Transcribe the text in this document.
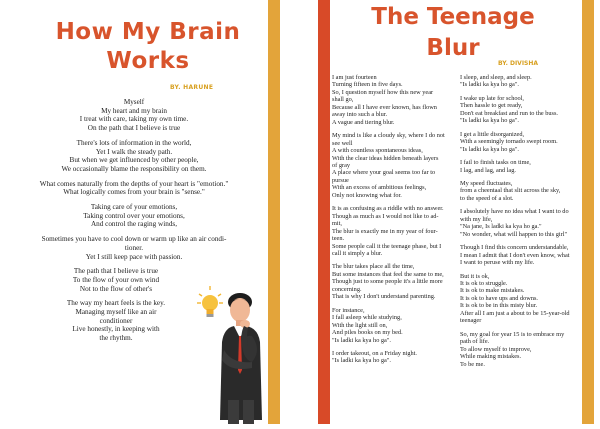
How My Brain
Works
BY. HARUNE
Myself
My heart and my brain
I treat with care, taking my own time.
On the path that I believe is true
There's lots of information in the world,
Yet I walk the steady path.
But when we get influenced by other people,
We occasionally blame the responsibility on them.
What comes naturally from the depths of your heart is "emotion."
What logically comes from your brain is "sense."
Taking care of your emotions,
Taking control over your emotions,
And control the raging winds,
Sometimes you have to cool down or warm up like an air condi-
tioner.
Yet I still keep pace with passion.
The path that I believe is true
To the flow of your own wind
Not to the flow of other's
The way my heart feels is the key.
Managing myself like an air
conditioner
Live honestly, in keeping with
the rhythm.
The Teenage
Blur
BY. DIVISHA
I am just fourteen
Turning fifteen in five days.
So, I question myself how this new year
shall go,
Because all I have ever known, has flown
away into such a blur.
A vague and tiering blur.
My mind is like a cloudy sky, where I do not
see well
A with countless spontaneous ideas,
With the clear ideas hidden beneath layers
of gray
A place where your goal seems too far to
pursue
With an excess of ambitious feelings,
Only not knowing what for.
It is as confusing as a riddle with no answer.
Though as much as I would not like to ad-
mit,
The blur is exactly me in my year of four-
teen.
Some people call it the teenage phase, but I
call it simply a blur.
The blur takes place all the time,
But some instances that feel the same to me,
Though just to some people it's a little more
concerning.
That is why I don't understand parenting.
For instance,
I fall asleep while studying,
With the light still on,
And piles books on my bed.
"Is ladki ka kya ho ga".
I order takeout, on a Friday night.
"Is ladki ka kya ho ga".
I sleep, and sleep, and sleep.
"Is ladki ka kya ho ga".
I wake up late for school,
Then hassle to get ready,
Don't eat breakfast and run to the buss.
"Is ladki ka kya ho ga".
I get a little disorganized,
With a seemingly tornado swept room.
"Is ladki ka kya ho ga".
I fail to finish tasks on time,
I lag, and lag, and lag.
My speed fluctuates,
from a cheentaal that slit across the sky,
to the speed of a slot.
I absolutely have no idea what I want to do
with my life,
"Na jane, Is ladki ka kya ho ga."
"No wonder, what will happen to this girl"
Though I find this concern understandable,
I mean I admit that I don't even know, what
I want to peruse with my life.
But it is ok,
It is ok to struggle.
It is ok to make mistakes.
It is ok to have ups and downs.
It is ok to be in this misty blur.
After all I am just a about to be 15-year-old
teenager
So, my goal for year 15 is to embrace my
path of life.
To allow myself to improve,
While making mistakes.
To be me.
